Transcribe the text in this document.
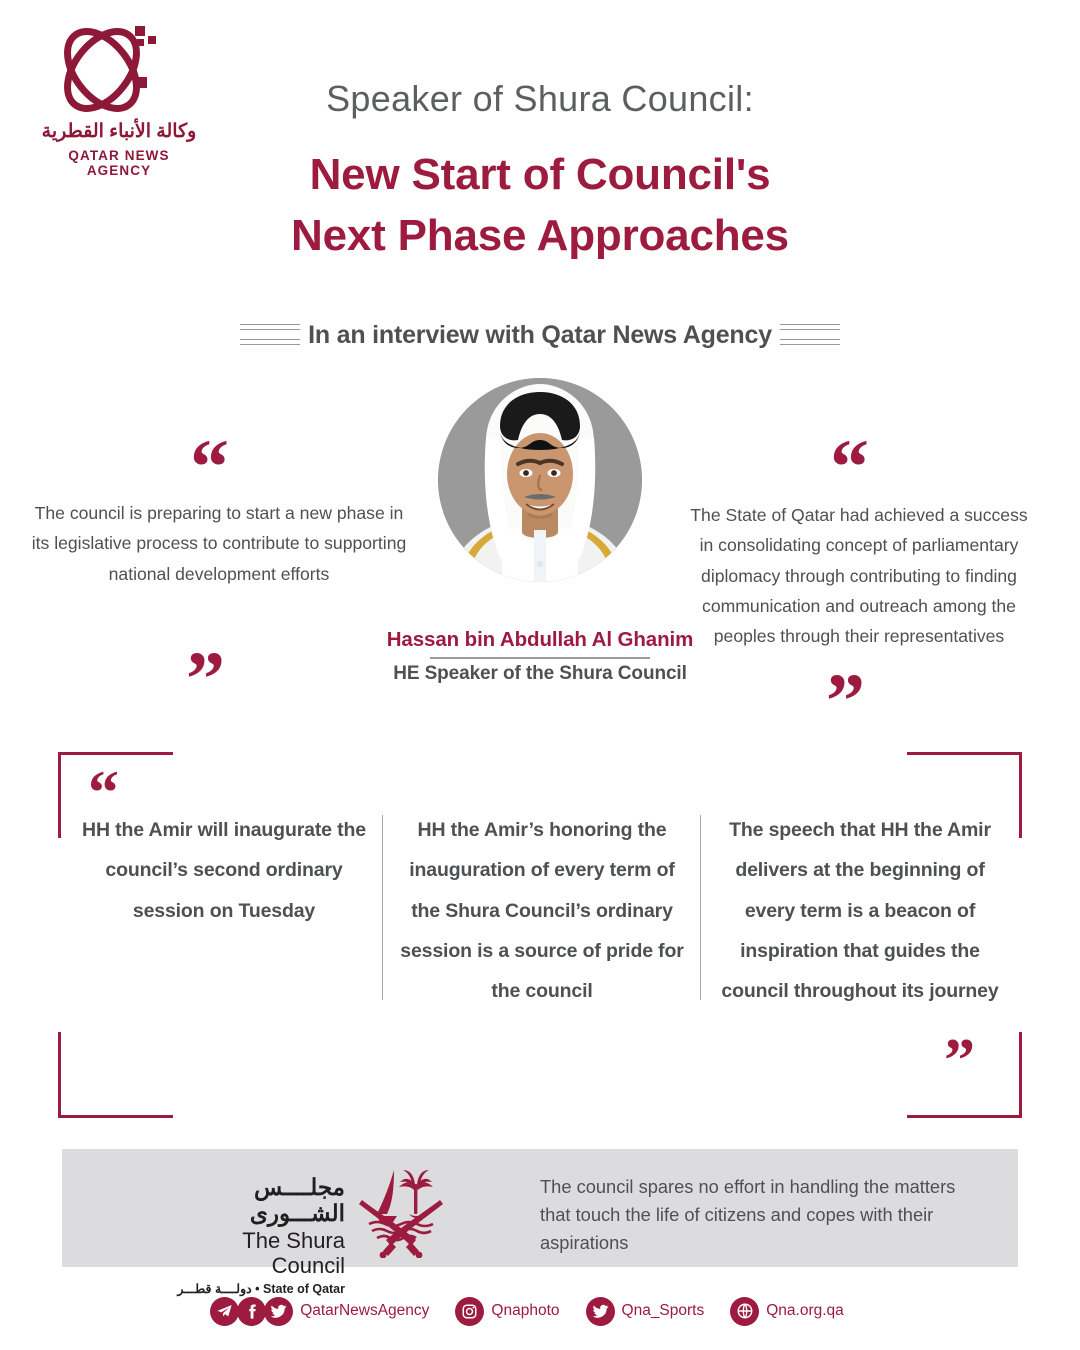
وكالة الأنباء القطرية
QATAR NEWS AGENCY
Speaker of Shura Council:
New Start of Council's
Next Phase Approaches
In an interview with Qatar News Agency
Hassan bin Abdullah Al Ghanim
HE Speaker of the Shura Council
“
The council is preparing to start a new phase in its legislative process to contribute to supporting national development efforts
”
“
The State of Qatar had achieved a success in consolidating concept of parliamentary diplomacy through contributing to finding communication and outreach among the peoples through their representatives
”
“
”
HH the Amir will inaugurate the council’s second ordinary session on Tuesday
HH the Amir’s honoring the inauguration of every term of the Shura Council’s ordinary session is a source of pride for the council
The speech that HH the Amir delivers at the beginning of every term is a beacon of inspiration that guides the council throughout its journey
مجلــــس الشـــورى
The Shura Council
State of Qatar • دولــــة قطـــر
The council spares no effort in handling the matters that touch the life of citizens and copes with their aspirations
QatarNewsAgency	Qnaphoto	Qna_Sports	Qna.org.qa
